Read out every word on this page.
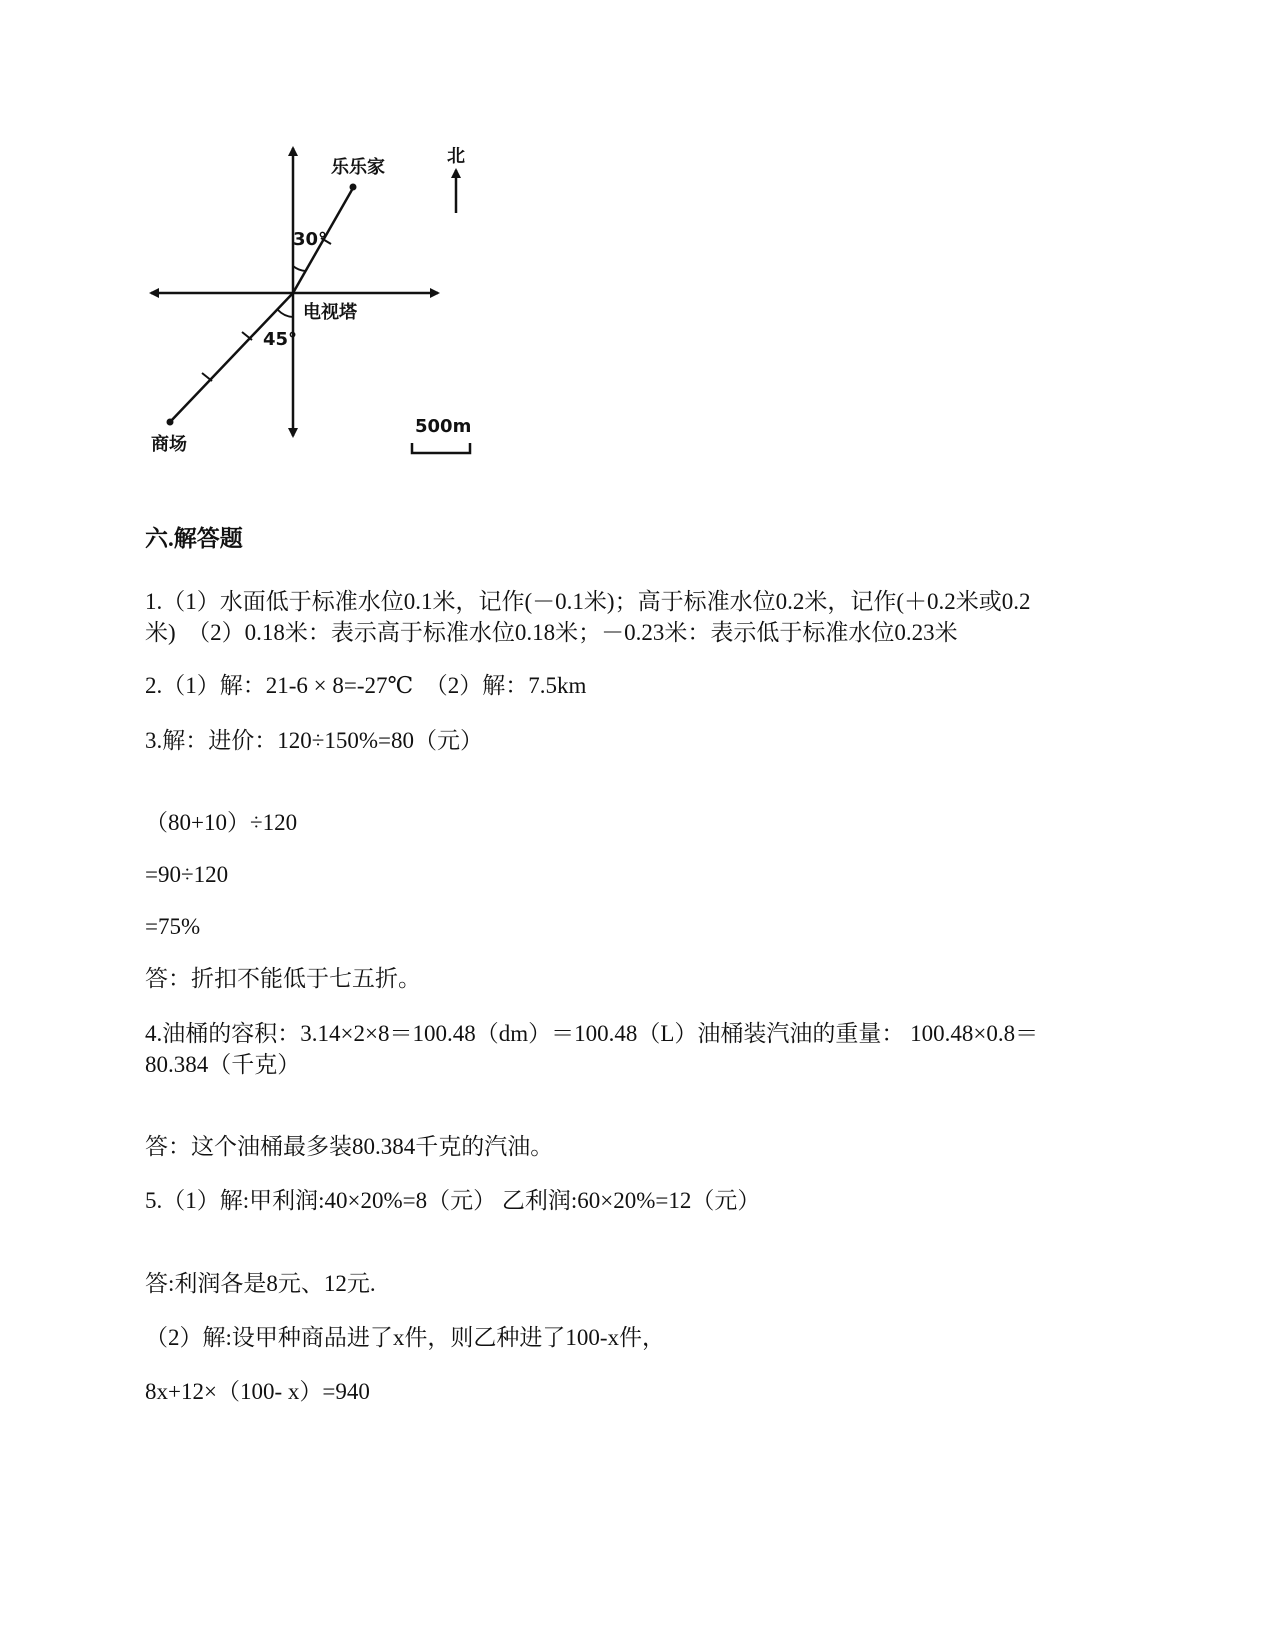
乐乐家
北
30°
电视塔
45°
商场
500m
六.解答题
1.（1）水面低于标准水位0.1米，记作(－0.1米)；高于标准水位0.2米，记作(＋0.2米或0.2
米)　（2）0.18米：表示高于标准水位0.18米；－0.23米：表示低于标准水位0.23米
2.（1）解：21-6 × 8=-27℃　（2）解：7.5km
3.解：进价：120÷150%=80（元）
（80+10）÷120
=90÷120
=75%
答：折扣不能低于七五折。
4.油桶的容积：3.14×2×8＝100.48（dm）＝100.48（L）油桶装汽油的重量： 100.48×0.8＝
80.384（千克）
答：这个油桶最多装80.384千克的汽油。
5.（1）解:甲利润:40×20%=8（元） 乙利润:60×20%=12（元）
答:利润各是8元、12元.
（2）解:设甲种商品进了x件，则乙种进了100-x件，
8x+12×（100- x）=940
